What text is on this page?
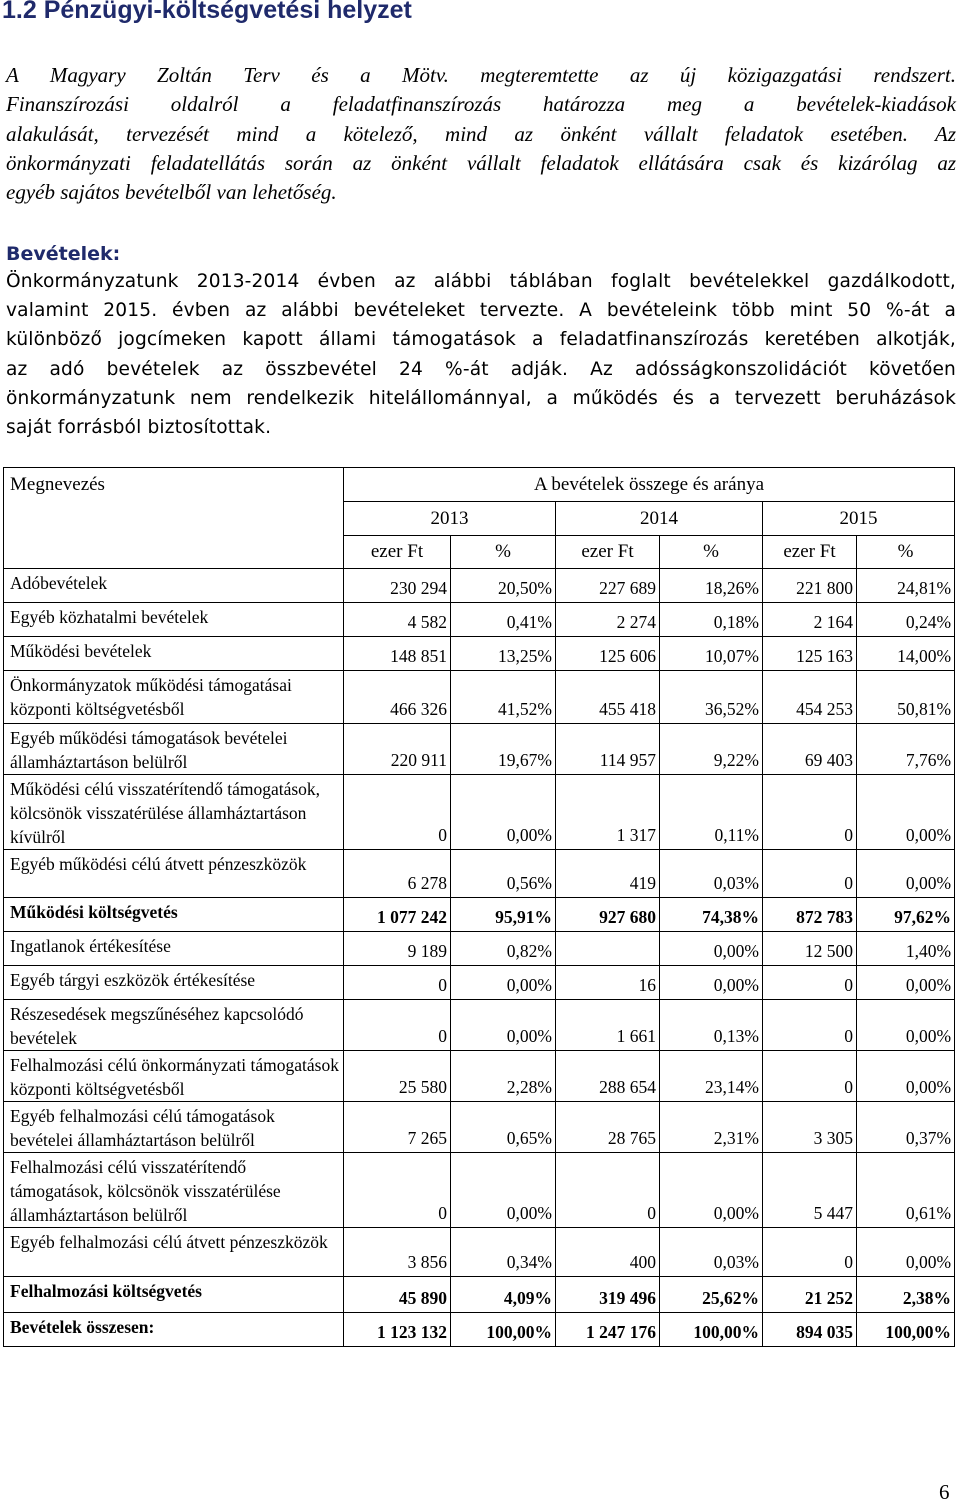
1.2 Pénzügyi-költségvetési helyzet

A Magyary Zoltán Terv és a Mötv. megteremtette az új közigazgatási rendszert.
Finanszírozási oldalról a feladatfinanszírozás határozza meg a bevételek-kiadások
alakulását, tervezését mind a kötelező, mind az önként vállalt feladatok esetében. Az
önkormányzati feladatellátás során az önként vállalt feladatok ellátására csak és kizárólag az
egyéb sajátos bevételből van lehetőség.

Bevételek:

Önkormányzatunk 2013-2014 évben az alábbi táblában foglalt bevételekkel gazdálkodott,
valamint 2015. évben az alábbi bevételeket tervezte. A bevételeink több mint 50 %-át a
különböző jogcímeken kapott állami támogatások a feladatfinanszírozás keretében alkotják,
az adó bevételek az összbevétel 24 %-át adják. Az adósságkonszolidációt követően
önkormányzatunk nem rendelkezik hitelállománnyal, a működés és a tervezett beruházások
saját forrásból biztosítottak.

Megnevezés	A bevételek összege és aránya					
	2013		2014		2015	
	ezer Ft	%	ezer Ft	%	ezer Ft	%
Adóbevételek	230 294	20,50%	227 689	18,26%	221 800	24,81%
Egyéb közhatalmi bevételek	4 582	0,41%	2 274	0,18%	2 164	0,24%
Működési bevételek	148 851	13,25%	125 606	10,07%	125 163	14,00%
Önkormányzatok működési támogatásai központi költségvetésből	466 326	41,52%	455 418	36,52%	454 253	50,81%
Egyéb működési támogatások bevételei államháztartáson belülről	220 911	19,67%	114 957	9,22%	69 403	7,76%
Működési célú visszatérítendő támogatások, kölcsönök visszatérülése államháztartáson kívülről	0	0,00%	1 317	0,11%	0	0,00%
Egyéb működési célú átvett pénzeszközök	6 278	0,56%	419	0,03%	0	0,00%
Működési költségvetés	1 077 242	95,91%	927 680	74,38%	872 783	97,62%
Ingatlanok értékesítése	9 189	0,82%		0,00%	12 500	1,40%
Egyéb tárgyi eszközök értékesítése	0	0,00%	16	0,00%	0	0,00%
Részesedések megszűnéséhez kapcsolódó bevételek	0	0,00%	1 661	0,13%	0	0,00%
Felhalmozási célú önkormányzati támogatások központi költségvetésből	25 580	2,28%	288 654	23,14%	0	0,00%
Egyéb felhalmozási célú támogatások bevételei államháztartáson belülről	7 265	0,65%	28 765	2,31%	3 305	0,37%
Felhalmozási célú visszatérítendő támogatások, kölcsönök visszatérülése államháztartáson belülről	0	0,00%	0	0,00%	5 447	0,61%
Egyéb felhalmozási célú átvett pénzeszközök	3 856	0,34%	400	0,03%	0	0,00%
Felhalmozási költségvetés	45 890	4,09%	319 496	25,62%	21 252	2,38%
Bevételek összesen:	1 123 132	100,00%	1 247 176	100,00%	894 035	100,00%
6
